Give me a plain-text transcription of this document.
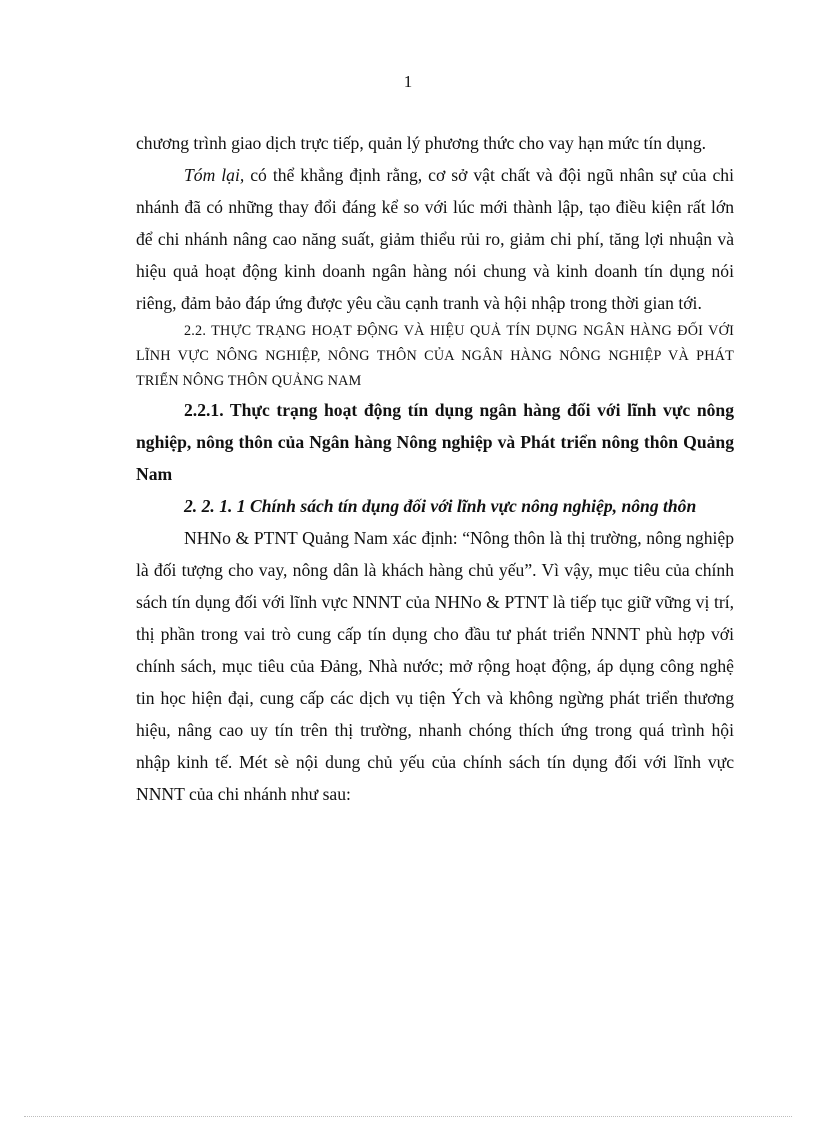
1

chương trình giao dịch trực tiếp, quản lý phương thức cho vay hạn mức tín dụng.

Tóm lại, có thể khẳng định rằng, cơ sở vật chất và đội ngũ nhân sự của chi nhánh đã có những thay đổi đáng kể so với lúc mới thành lập, tạo điều kiện rất lớn để chi nhánh nâng cao năng suất, giảm thiểu rủi ro, giảm chi phí, tăng lợi nhuận và hiệu quả hoạt động kinh doanh ngân hàng nói chung và kinh doanh tín dụng nói riêng, đảm bảo đáp ứng được yêu cầu cạnh tranh và hội nhập trong thời gian tới.

2.2. THỰC TRẠNG HOẠT ĐỘNG VÀ HIỆU QUẢ TÍN DỤNG NGÂN HÀNG ĐỐI VỚI LĨNH VỰC NÔNG NGHIỆP, NÔNG THÔN CỦA NGÂN HÀNG NÔNG NGHIỆP VÀ PHÁT TRIỂN NÔNG THÔN QUẢNG NAM

2.2.1. Thực trạng hoạt động tín dụng ngân hàng đối với lĩnh vực nông nghiệp, nông thôn của Ngân hàng Nông nghiệp và Phát triển nông thôn Quảng Nam

2. 2. 1. 1 Chính sách tín dụng đối với lĩnh vực nông nghiệp, nông thôn

NHNo & PTNT Quảng Nam xác định: “Nông thôn là thị trường, nông nghiệp là đối tượng cho vay, nông dân là khách hàng chủ yếu”. Vì vậy, mục tiêu của chính sách tín dụng đối với lĩnh vực NNNT của NHNo & PTNT là tiếp tục giữ vững vị trí, thị phần trong vai trò cung cấp tín dụng cho đầu tư phát triển NNNT phù hợp với chính sách, mục tiêu của Đảng, Nhà nước; mở rộng hoạt động, áp dụng công nghệ tin học hiện đại, cung cấp các dịch vụ tiện Ých và không ngừng phát triển thương hiệu, nâng cao uy tín trên thị trường, nhanh chóng thích ứng trong quá trình hội nhập kinh tế. Mét sè nội dung chủ yếu của chính sách tín dụng đối với lĩnh vực NNNT của chi nhánh như sau:
